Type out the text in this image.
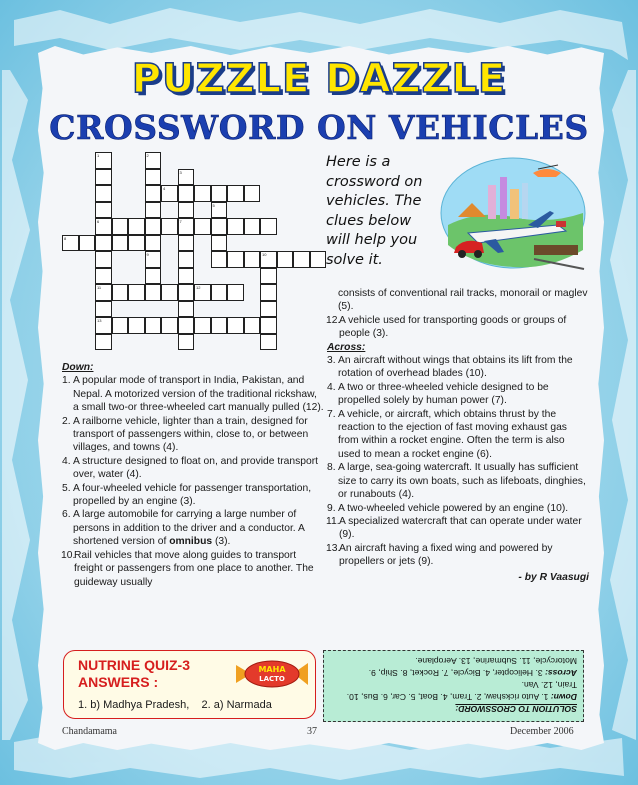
PUZZLE DAZZLE
CROSSWORD ON VEHICLES
1	2
3
4
5
6	7
8
9	10
11	12
13
Here is a
crossword on
vehicles. The
clues below
will help you
solve it.
Down:

1. A popular mode of transport in India, Pakistan, and Nepal. A motorized version of the traditional rickshaw, a small two-or three-wheeled cart manually pulled (12).

2. A railborne vehicle, lighter than a train, designed for transport of passengers within, close to, or between villages, and towns (4).

4. A structure designed to float on, and provide transport over, water (4).

5. A four-wheeled vehicle for passenger transportation, propelled by an engine (3).

6. A large automobile for carrying a large number of persons in addition to the driver and a conductor. A shortened version of omnibus (3).

10.
Rail vehicles that move along guides to transport freight or passengers from one place to another. The guideway usually

consists of conventional rail tracks, monorail or maglev (5).

12.
A vehicle used for transporting goods or groups of people (3).

Across:

3. An aircraft without wings that obtains its lift from the rotation of overhead blades (10).

4. A two or three-wheeled vehicle designed to be propelled solely by human power (7).

7. A vehicle, or aircraft, which obtains thrust by the reaction to the ejection of fast moving exhaust gas from within a rocket engine. Often the term is also used to mean a rocket engine (6).

8. A large, sea-going watercraft. It usually has sufficient size to carry its own boats, such as lifeboats, dinghies, or runabouts (4).

9. A two-wheeled vehicle powered by an engine (10).

11. A specialized watercraft that can operate under water (9).

13.
An aircraft having a fixed wing and powered by propellers or jets (9).

- by R Vaasugi
NUTRINE QUIZ-3
ANSWERS :
MAHA
LACTO
1. b) Madhya Pradesh,    2. a) Narmada	SOLUTION TO CROSSWORD:
Down: 1. Auto rickshaw, 2. Tram, 4. Boat, 5. Car, 6. Bus, 10. Train, 12. Van.
Across: 3. Helicopter, 4. Bicycle, 7. Rocket, 8. Ship, 9. Motorcycle, 11. Submarine, 13. Aeroplane.
Chandamama	37	December 2006
